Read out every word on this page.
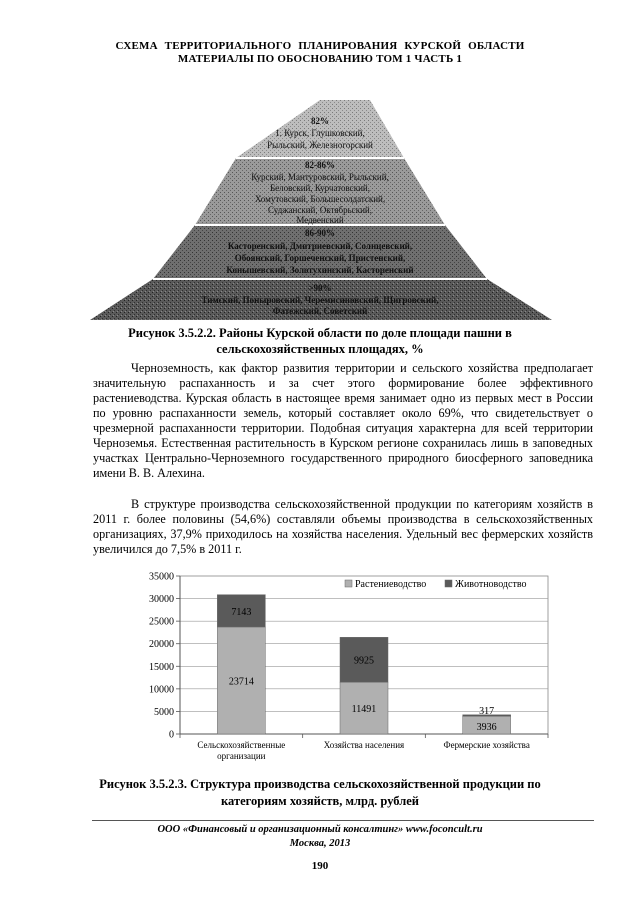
СХЕМА ТЕРРИТОРИАЛЬНОГО ПЛАНИРОВАНИЯ КУРСКОЙ ОБЛАСТИ
МАТЕРИАЛЫ ПО ОБОСНОВАНИЮ ТОМ 1 ЧАСТЬ 1
82%
1. Курск, Глушковский,
Рыльский, Железногорский
82-86%
Курский, Мантуровский, Рыльский,
Беловский, Курчатовский,
Хомутовский, Большесолдатский,
Суджанский, Октябрьский,
Медвенский
86-90%
Касторенский, Дмитриевский, Солнцевский,
Обоянский, Горшеченский, Пристенский,
Конышевский, Золотухинский, Касторенский
>90%
Тимский, Поныровский, Черемисиновский, Щигровский,
Фатежский, Советский
Рисунок 3.5.2.2. Районы Курской области по доле площади пашни в
сельскохозяйственных площадях, %
Черноземность, как фактор развития территории и сельского хозяйства предполагает значительную распаханность и за счет этого формирование более эффективного растениеводства. Курская область в настоящее время занимает одно из первых мест в России по уровню распаханности земель, который составляет около 69%, что свидетельствует о чрезмерной распаханности территории. Подобная ситуация характерна для всей территории Черноземья. Естественная растительность в Курском регионе сохранилась лишь в заповедных участках Центрально-Черноземного государственного природного биосферного заповедника имени В. В. Алехина.
В структуре производства сельскохозяйственной продукции по категориям хозяйств в 2011 г. более половины (54,6%) составляли объемы производства в сельскохозяйственных организациях, 37,9% приходилось на хозяйства населения. Удельный вес фермерских хозяйств увеличился до 7,5% в 2011 г.
0
5000
10000
15000
20000
25000
30000
35000
23714
7143
Сельскохозяйственные
организации
11491
9925
Хозяйства населения
3936
317
Фермерские хозяйства
Растениеводство	Животноводство
Рисунок 3.5.2.3. Структура производства сельскохозяйственной продукции по
категориям хозяйств, млрд. рублей
ООО «Финансовый и организационный консалтинг» www.foconcult.ru
Москва, 2013
190
